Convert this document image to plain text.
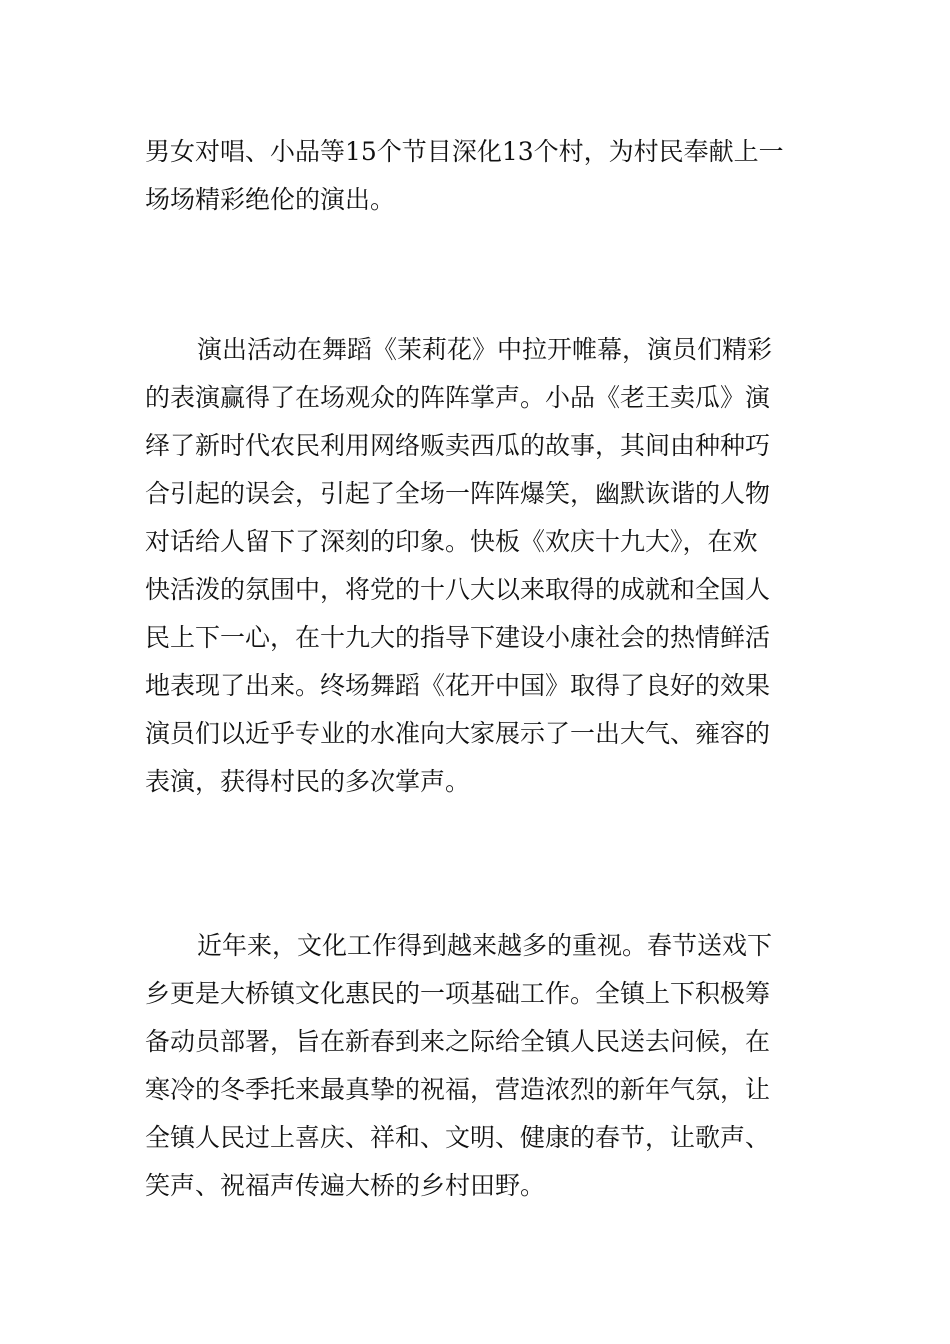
男女对唱、小品等15个节目深化13个村，为村民奉献上一
场场精彩绝伦的演出。
演出活动在舞蹈《茉莉花》中拉开帷幕，演员们精彩
的表演赢得了在场观众的阵阵掌声。小品《老王卖瓜》演
绎了新时代农民利用网络贩卖西瓜的故事，其间由种种巧
合引起的误会，引起了全场一阵阵爆笑，幽默诙谐的人物
对话给人留下了深刻的印象。快板《欢庆十九大》，在欢
快活泼的氛围中，将党的十八大以来取得的成就和全国人
民上下一心，在十九大的指导下建设小康社会的热情鲜活
地表现了出来。终场舞蹈《花开中国》取得了良好的效果
演员们以近乎专业的水准向大家展示了一出大气、雍容的
表演，获得村民的多次掌声。
近年来，文化工作得到越来越多的重视。春节送戏下
乡更是大桥镇文化惠民的一项基础工作。全镇上下积极筹
备动员部署，旨在新春到来之际给全镇人民送去问候，在
寒冷的冬季托来最真挚的祝福，营造浓烈的新年气氛，让
全镇人民过上喜庆、祥和、文明、健康的春节，让歌声、
笑声、祝福声传遍大桥的乡村田野。
